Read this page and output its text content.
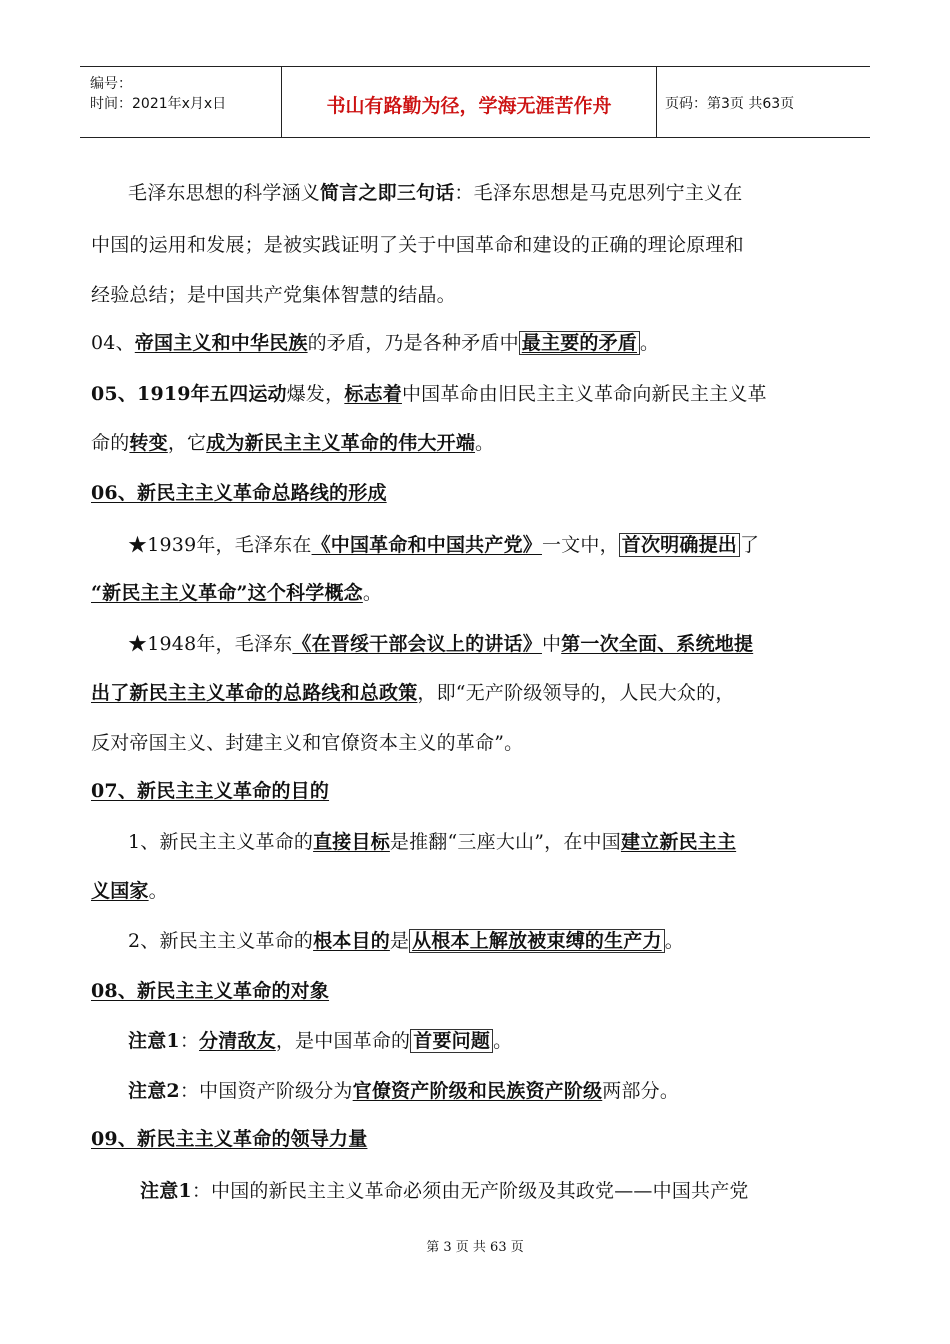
编号：
时间：2021年x月x日	书山有路勤为径，学海无涯苦作舟	页码：第3页 共63页
毛泽东思想的科学涵义简言之即三句话：毛泽东思想是马克思列宁主义在
中国的运用和发展；是被实践证明了关于中国革命和建设的正确的理论原理和
经验总结；是中国共产党集体智慧的结晶。
04、帝国主义和中华民族的矛盾，乃是各种矛盾中 最主要的矛盾 。
05、1919年五四运动爆发，标志着中国革命由旧民主主义革命向新民主主义革
命的转变，它成为新民主主义革命的伟大开端。
06、新民主主义革命总路线的形成
★1939年，毛泽东在《中国革命和中国共产党》一文中， 首次明确提出 了
“新民主主义革命”这个科学概念。
★1948年，毛泽东《在晋绥干部会议上的讲话》中第一次全面、系统地提
出了新民主主义革命的总路线和总政策，即“无产阶级领导的，人民大众的，
反对帝国主义、封建主义和官僚资本主义的革命”。
07、新民主主义革命的目的
1、新民主主义革命的直接目标是推翻“三座大山”，在中国建立新民主主
义国家。
2、新民主主义革命的根本目的是 从根本上解放被束缚的生产力 。
08、新民主主义革命的对象
注意1：分清敌友，是中国革命的 首要问题 。
注意2：中国资产阶级分为官僚资产阶级和民族资产阶级两部分。
09、新民主主义革命的领导力量
注意1：中国的新民主主义革命必须由无产阶级及其政党——中国共产党
第 3 页 共 63 页
